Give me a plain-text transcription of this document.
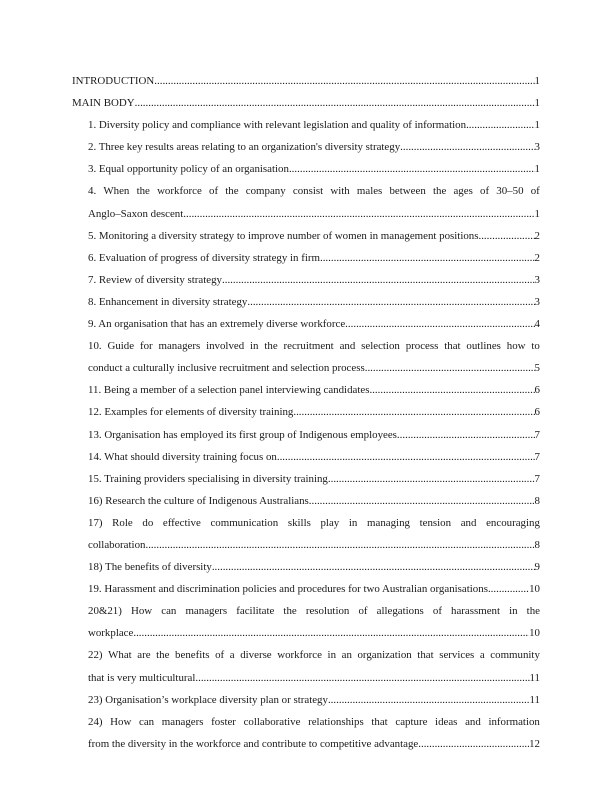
INTRODUCTION .....	1
MAIN BODY .....	1
1. Diversity policy and compliance with relevant legislation and quality of information .....	1
2. Three key results areas relating to an organization's diversity strategy .....	3
3. Equal opportunity policy of an organisation .....	1
4. When the workforce of the company consist with males between the ages of 30–50 of
Anglo–Saxon descent .....	1
5. Monitoring a diversity strategy to improve number of women in management positions .....	2
6. Evaluation of progress of diversity strategy in firm .....	2
7. Review of diversity strategy .....	3
8. Enhancement in diversity strategy .....	3
9. An organisation that has an extremely diverse workforce .....	4
10. Guide for managers involved in the recruitment and selection process that outlines how to
conduct a culturally inclusive recruitment and selection process .....	5
11. Being a member of a selection panel interviewing candidates .....	6
12. Examples for elements of diversity training .....	6
13. Organisation has employed its first group of Indigenous employees .....	7
14. What should diversity training focus on .....	7
15. Training providers specialising in diversity training .....	7
16) Research the culture of Indigenous Australians .....	8
17) Role do effective communication skills play in managing tension and encouraging
collaboration .....	8
18) The benefits of diversity .....	9
19. Harassment and discrimination policies and procedures for two Australian organisations .....	10
20&21) How can managers facilitate the resolution of allegations of harassment in the
workplace .....	10
22) What are the benefits of a diverse workforce in an organization that services a community
that is very multicultural .....	11
23) Organisation’s workplace diversity plan or strategy .....	11
24) How can managers foster collaborative relationships that capture ideas and information
from the diversity in the workforce and contribute to competitive advantage .....	12
